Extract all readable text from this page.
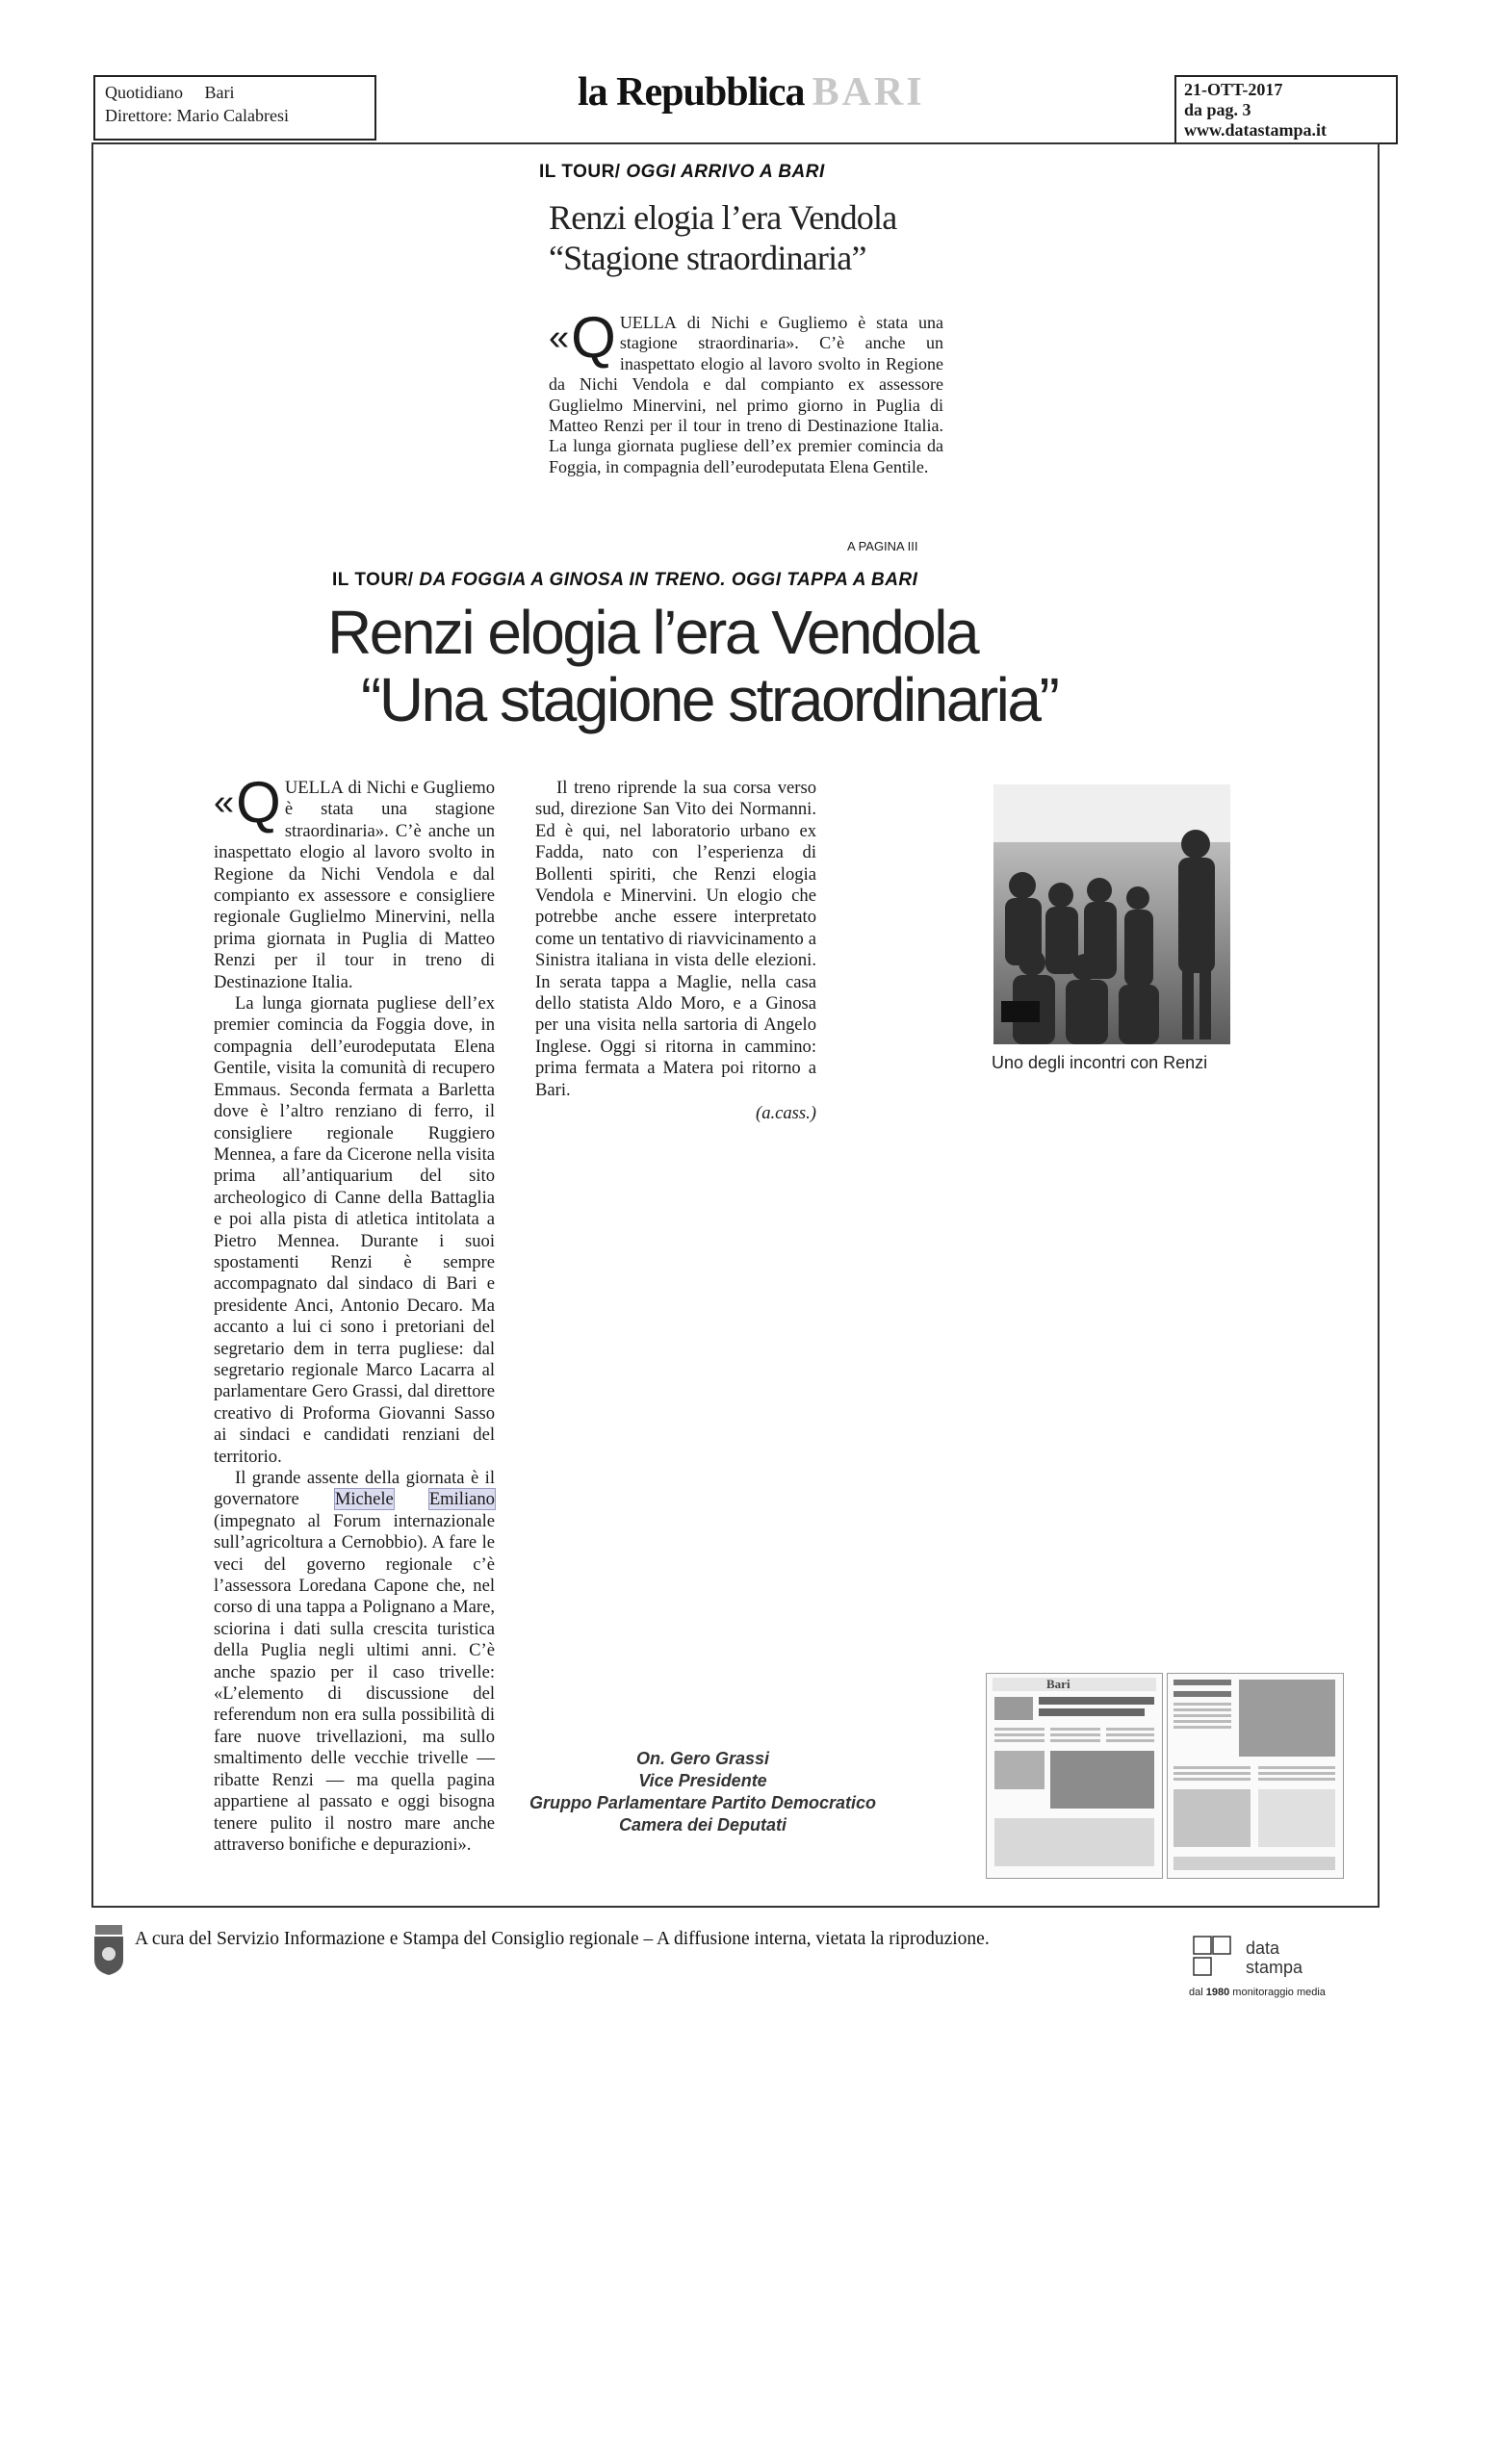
Quotidiano Bari
Direttore: Mario Calabresi
la Repubblica BARI	21-OTT-2017
da pag. 3
www.datastampa.it
IL TOUR/ OGGI ARRIVO A BARI
Renzi elogia l’era Vendola
“Stagione straordinaria”
«Q UELLA di Nichi e Gugliemo è stata una stagione straordinaria». C’è anche un inaspettato elogio al lavoro svolto in Regione da Nichi Vendola e dal compianto ex assessore Guglielmo Minervini, nel primo giorno in Puglia di Matteo Renzi per il tour in treno di Destinazione Italia. La lunga giornata pugliese dell’ex premier comincia da Foggia, in compagnia dell’eurodeputata Elena Gentile.
A PAGINA III
IL TOUR/ DA FOGGIA A GINOSA IN TRENO. OGGI TAPPA A BARI
Renzi elogia l’era Vendola
“Una stagione straordinaria”

«Q UELLA di Nichi e Gugliemo è stata una stagione straordinaria». C’è anche un inaspettato elogio al lavoro svolto in Regione da Nichi Vendola e dal compianto ex assessore e consigliere regionale Guglielmo Minervini, nella prima giornata in Puglia di Matteo Renzi per il tour in treno di Destinazione Italia.

La lunga giornata pugliese dell’ex premier comincia da Foggia dove, in compagnia dell’eurodeputata Elena Gentile, visita la comunità di recupero Emmaus. Seconda fermata a Barletta dove è l’altro renziano di ferro, il consigliere regionale Ruggiero Mennea, a fare da Cicerone nella visita prima all’antiquarium del sito archeologico di Canne della Battaglia e poi alla pista di atletica intitolata a Pietro Mennea. Durante i suoi spostamenti Renzi è sempre accompagnato dal sindaco di Bari e presidente Anci, Antonio Decaro. Ma accanto a lui ci sono i pretoriani del segretario dem in terra pugliese: dal segretario regionale Marco Lacarra al parlamentare Gero Grassi, dal direttore creativo di Proforma Giovanni Sasso ai sindaci e candidati renziani del territorio.

Il grande assente della giornata è il governatore Michele Emiliano (impegnato al Forum internazionale sull’agricoltura a Cernobbio). A fare le veci del governo regionale c’è l’assessora Loredana Capone che, nel corso di una tappa a Polignano a Mare, sciorina i dati sulla crescita turistica della Puglia negli ultimi anni. C’è anche spazio per il caso trivelle: «L’elemento di discussione del referendum non era sulla possibilità di fare nuove trivellazioni, ma sullo smaltimento delle vecchie trivelle — ribatte Renzi — ma quella pagina appartiene al passato e oggi bisogna tenere pulito il nostro mare anche attraverso bonifiche e depurazioni».

Il treno riprende la sua corsa verso sud, direzione San Vito dei Normanni. Ed è qui, nel laboratorio urbano ex Fadda, nato con l’esperienza di Bollenti spiriti, che Renzi elogia Vendola e Minervini. Un elogio che potrebbe anche essere interpretato come un tentativo di riavvicinamento a Sinistra italiana in vista delle elezioni. In serata tappa a Maglie, nella casa dello statista Aldo Moro, e a Ginosa per una visita nella sartoria di Angelo Inglese. Oggi si ritorna in cammino: prima fermata a Matera poi ritorno a Bari.

(a.cass.)
Uno degli incontri con Renzi
On. Gero Grassi
Vice Presidente
Gruppo Parlamentare Partito Democratico
Camera dei Deputati
Bari
A cura del Servizio Informazione e Stampa del Consiglio regionale – A diffusione interna, vietata la riproduzione.	data
stampa
dal 1980 monitoraggio media
